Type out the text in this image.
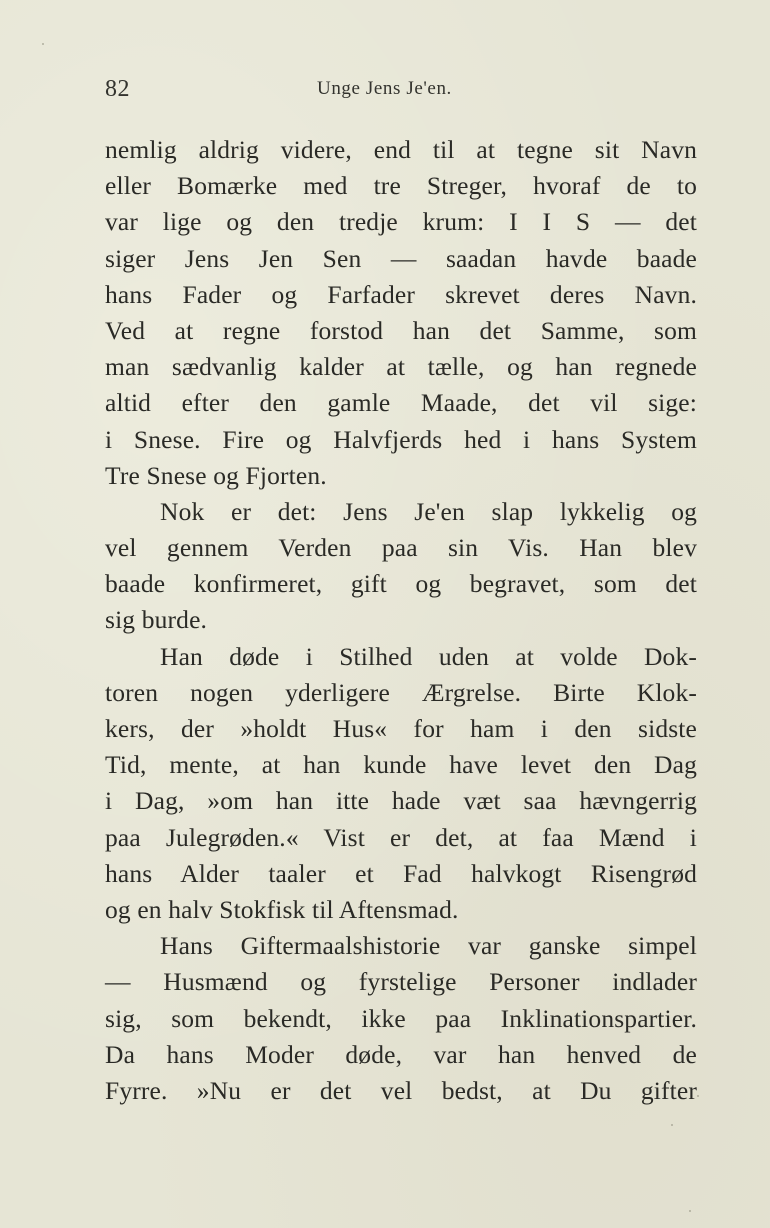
82	Unge Jens Je'en.
nemlig aldrig videre, end til at tegne sit Navn
eller Bomærke med tre Streger, hvoraf de to
var lige og den tredje krum: I I S — det
siger Jens Jen Sen — saadan havde baade
hans Fader og Farfader skrevet deres Navn.
Ved at regne forstod han det Samme, som
man sædvanlig kalder at tælle, og han regnede
altid efter den gamle Maade, det vil sige:
i Snese. Fire og Halvfjerds hed i hans System
Tre Snese og Fjorten.
Nok er det: Jens Je'en slap lykkelig og
vel gennem Verden paa sin Vis. Han blev
baade konfirmeret, gift og begravet, som det
sig burde.
Han døde i Stilhed uden at volde Dok-
toren nogen yderligere Ærgrelse. Birte Klok-
kers, der »holdt Hus« for ham i den sidste
Tid, mente, at han kunde have levet den Dag
i Dag, »om han itte hade væt saa hævngerrig
paa Julegrøden.« Vist er det, at faa Mænd i
hans Alder taaler et Fad halvkogt Risengrød
og en halv Stokfisk til Aftensmad.
Hans Giftermaalshistorie var ganske simpel
— Husmænd og fyrstelige Personer indlader
sig, som bekendt, ikke paa Inklinationspartier.
Da hans Moder døde, var han henved de
Fyrre. »Nu er det vel bedst, at Du gifter
